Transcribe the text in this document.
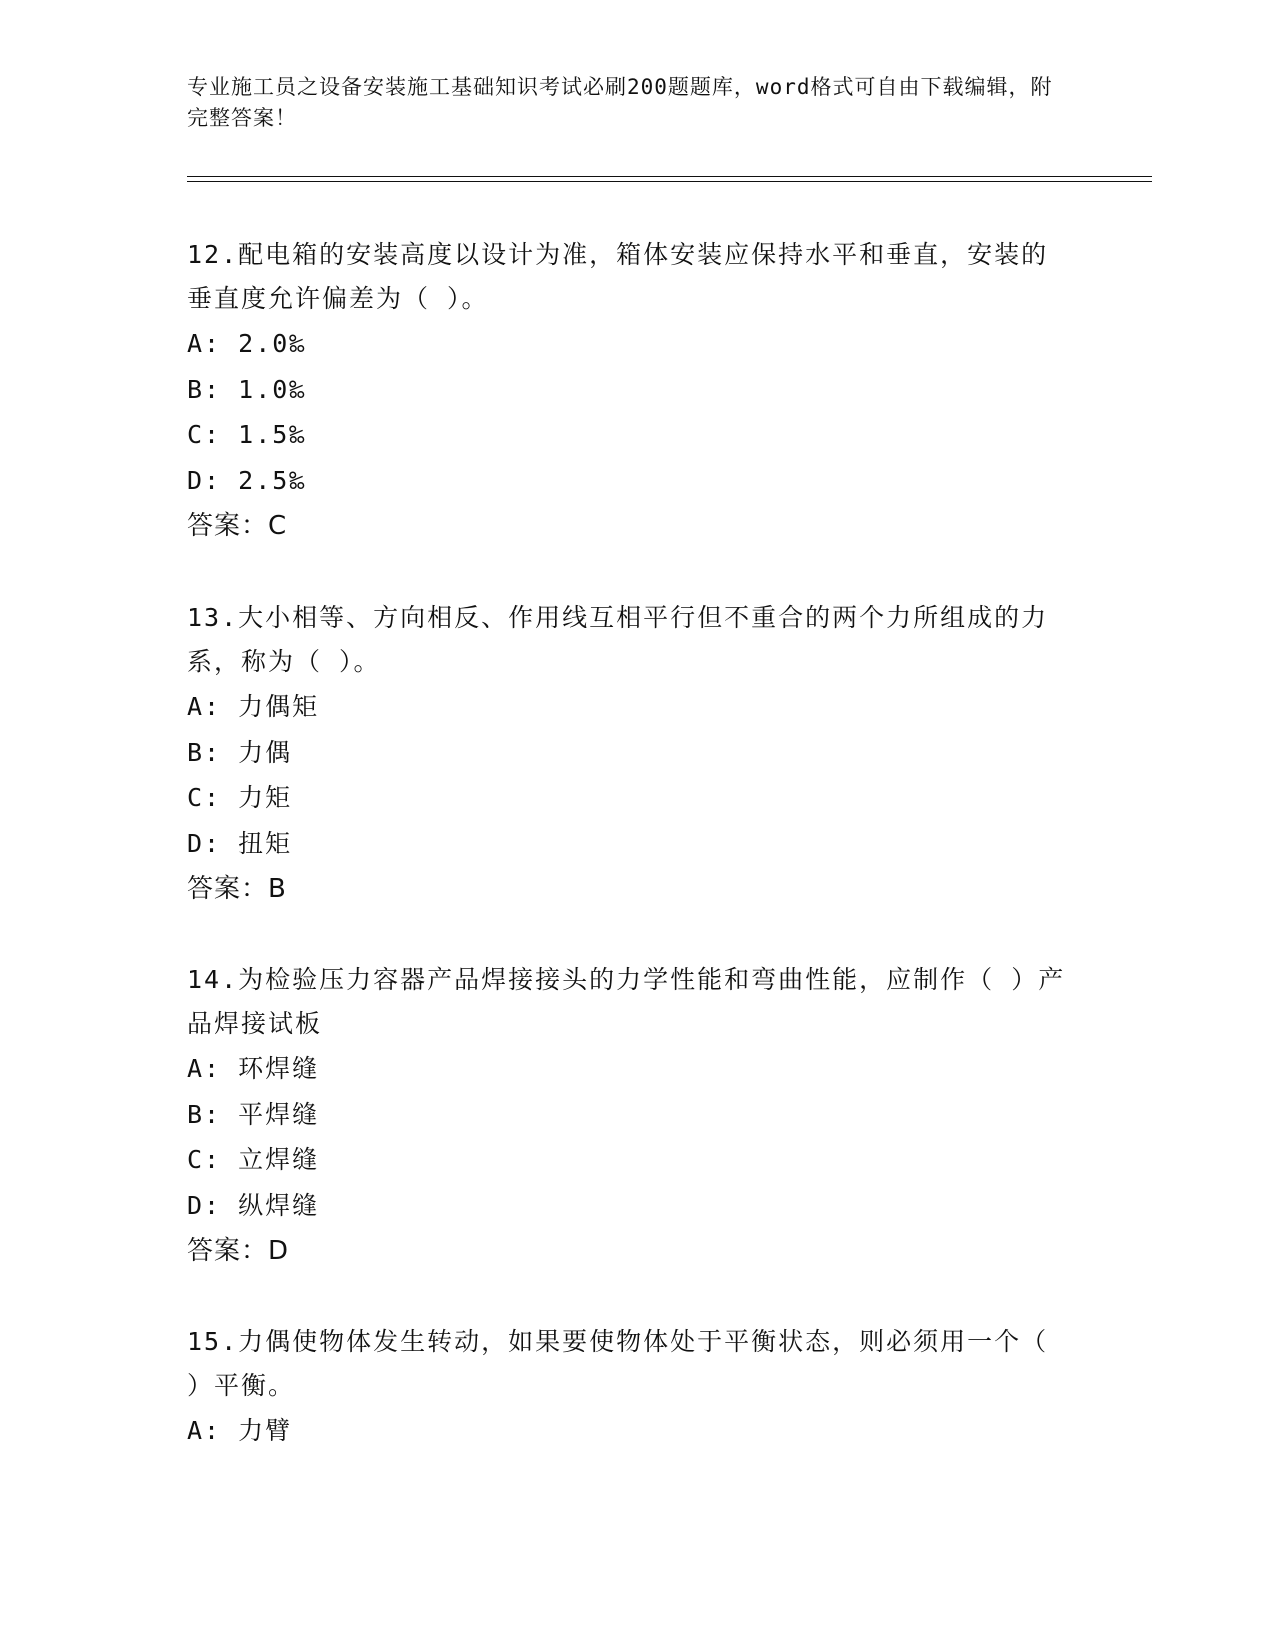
专业施工员之设备安装施工基础知识考试必刷200题题库，word格式可自由下载编辑，附完整答案！

12.配电箱的安装高度以设计为准，箱体安装应保持水平和垂直，安装的垂直度允许偏差为（ ）。

A: 2.0‰

B: 1.0‰

C: 1.5‰

D: 2.5‰

答案：C

13.大小相等、方向相反、作用线互相平行但不重合的两个力所组成的力系，称为（ ）。

A: 力偶矩

B: 力偶

C: 力矩

D: 扭矩

答案：B

14.为检验压力容器产品焊接接头的力学性能和弯曲性能，应制作（ ）产品焊接试板

A: 环焊缝

B: 平焊缝

C: 立焊缝

D: 纵焊缝

答案：D

15.力偶使物体发生转动，如果要使物体处于平衡状态，则必须用一个（ ）平衡。

A: 力臂
